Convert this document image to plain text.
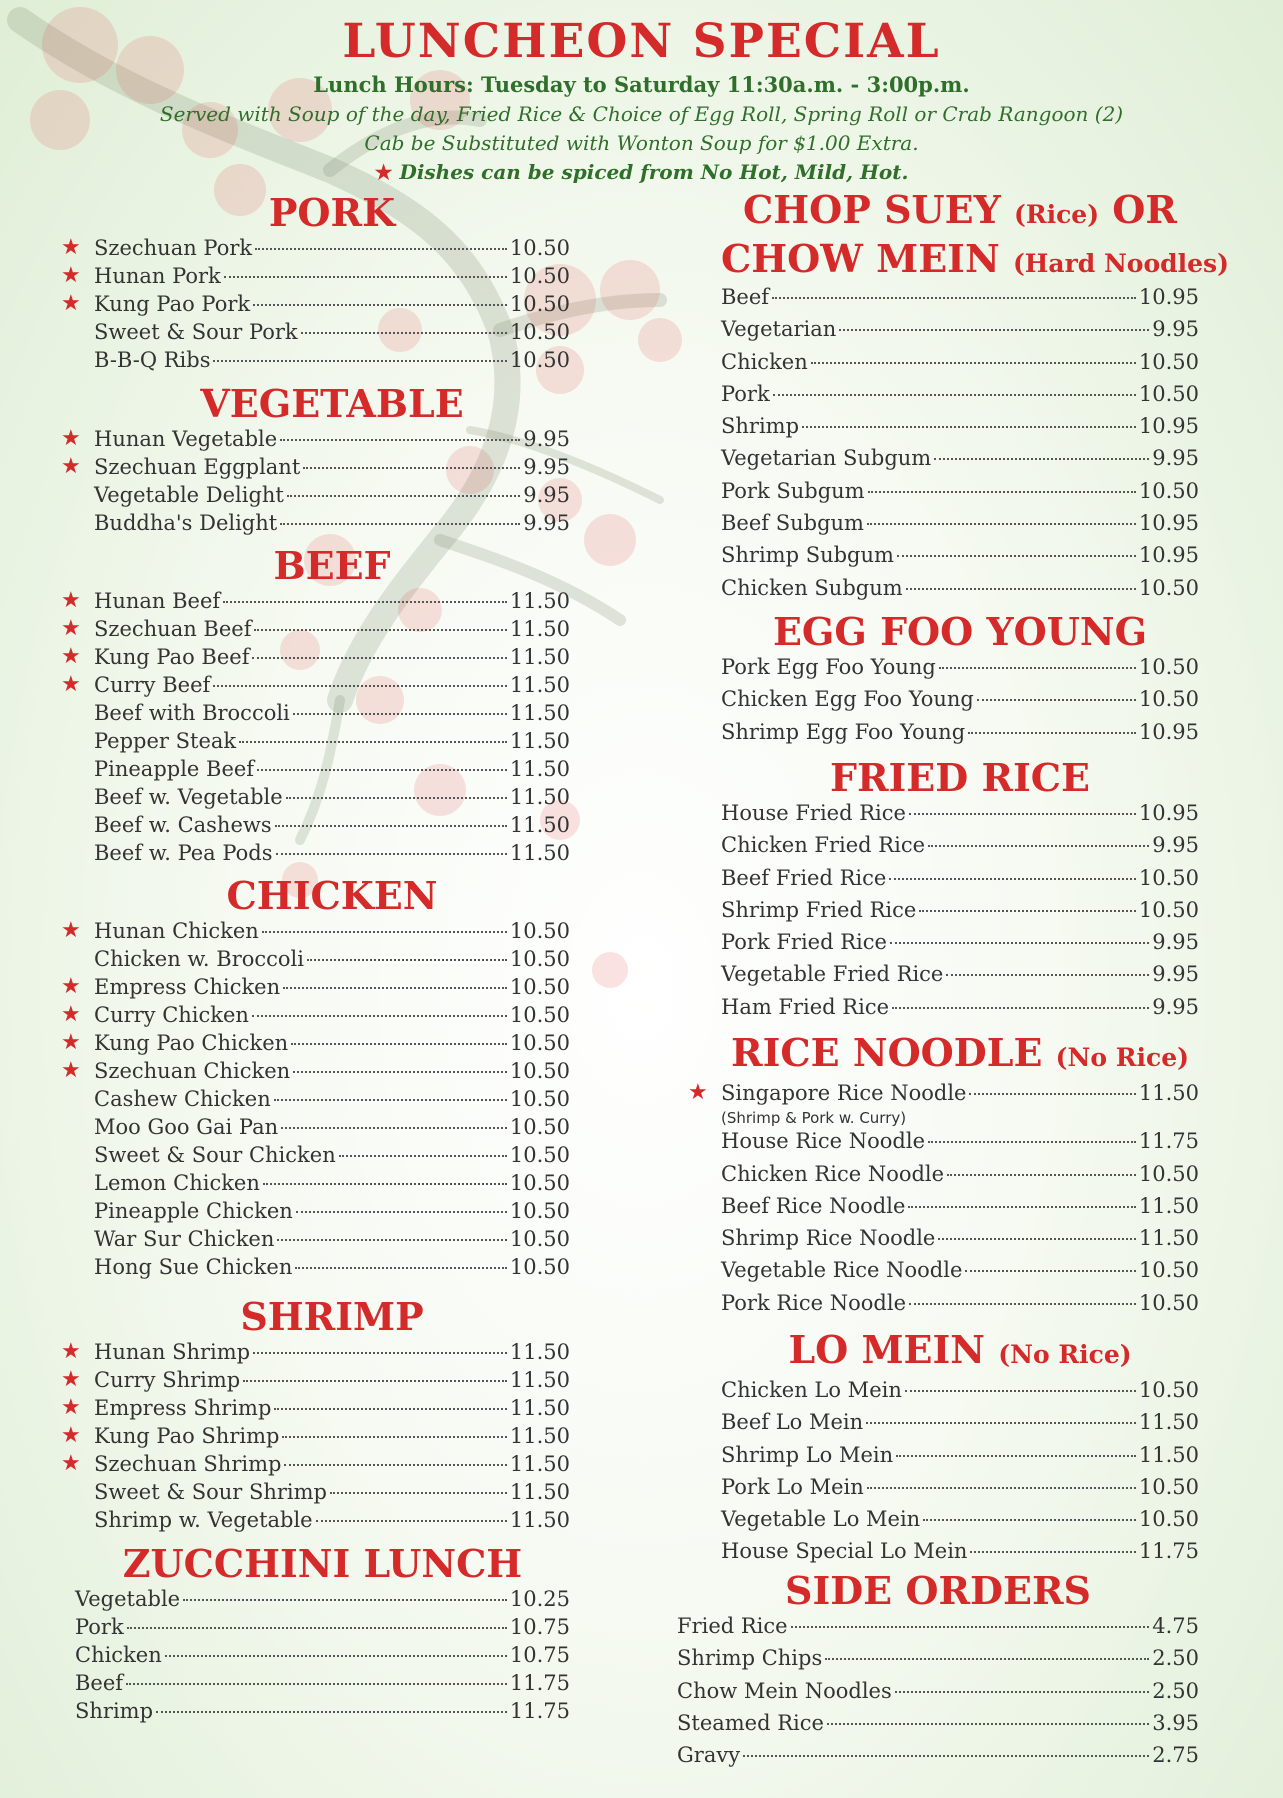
LUNCHEON SPECIAL
Lunch Hours: Tuesday to Saturday 11:30a.m. - 3:00p.m.
Served with Soup of the day, Fried Rice & Choice of Egg Roll, Spring Roll or Crab Rangoon (2)
Cab be Substituted with Wonton Soup for $1.00 Extra.
★ Dishes can be spiced from No Hot, Mild, Hot.
PORK
★ Szechuan Pork	10.50
★ Hunan Pork	10.50
★ Kung Pao Pork	10.50
Sweet & Sour Pork	10.50
B-B-Q Ribs	10.50
VEGETABLE
★ Hunan Vegetable	9.95
★ Szechuan Eggplant	9.95
Vegetable Delight	9.95
Buddha's Delight	9.95
BEEF
★ Hunan Beef	11.50
★ Szechuan Beef	11.50
★ Kung Pao Beef	11.50
★ Curry Beef	11.50
Beef with Broccoli	11.50
Pepper Steak	11.50
Pineapple Beef	11.50
Beef w. Vegetable	11.50
Beef w. Cashews	11.50
Beef w. Pea Pods	11.50
CHICKEN
★ Hunan Chicken	10.50
Chicken w. Broccoli	10.50
★ Empress Chicken	10.50
★ Curry Chicken	10.50
★ Kung Pao Chicken	10.50
★ Szechuan Chicken	10.50
Cashew Chicken	10.50
Moo Goo Gai Pan	10.50
Sweet & Sour Chicken	10.50
Lemon Chicken	10.50
Pineapple Chicken	10.50
War Sur Chicken	10.50
Hong Sue Chicken	10.50
SHRIMP
★ Hunan Shrimp	11.50
★ Curry Shrimp	11.50
★ Empress Shrimp	11.50
★ Kung Pao Shrimp	11.50
★ Szechuan Shrimp	11.50
Sweet & Sour Shrimp	11.50
Shrimp w. Vegetable	11.50
ZUCCHINI LUNCH
Vegetable	10.25
Pork	10.75
Chicken	10.75
Beef	11.75
Shrimp	11.75
CHOP SUEY (Rice) OR
CHOW MEIN (Hard Noodles)
Beef	10.95
Vegetarian	9.95
Chicken	10.50
Pork	10.50
Shrimp	10.95
Vegetarian Subgum	9.95
Pork Subgum	10.50
Beef Subgum	10.95
Shrimp Subgum	10.95
Chicken Subgum	10.50
EGG FOO YOUNG
Pork Egg Foo Young	10.50
Chicken Egg Foo Young	10.50
Shrimp Egg Foo Young	10.95
FRIED RICE
House Fried Rice	10.95
Chicken Fried Rice	9.95
Beef Fried Rice	10.50
Shrimp Fried Rice	10.50
Pork Fried Rice	9.95
Vegetable Fried Rice	9.95
Ham Fried Rice	9.95
RICE NOODLE (No Rice)
★ Singapore Rice Noodle	11.50
(Shrimp & Pork w. Curry)
House Rice Noodle	11.75
Chicken Rice Noodle	10.50
Beef Rice Noodle	11.50
Shrimp Rice Noodle	11.50
Vegetable Rice Noodle	10.50
Pork Rice Noodle	10.50
LO MEIN (No Rice)
Chicken Lo Mein	10.50
Beef Lo Mein	11.50
Shrimp Lo Mein	11.50
Pork Lo Mein	10.50
Vegetable Lo Mein	10.50
House Special Lo Mein	11.75
SIDE ORDERS
Fried Rice	4.75
Shrimp Chips	2.50
Chow Mein Noodles	2.50
Steamed Rice	3.95
Gravy	2.75
